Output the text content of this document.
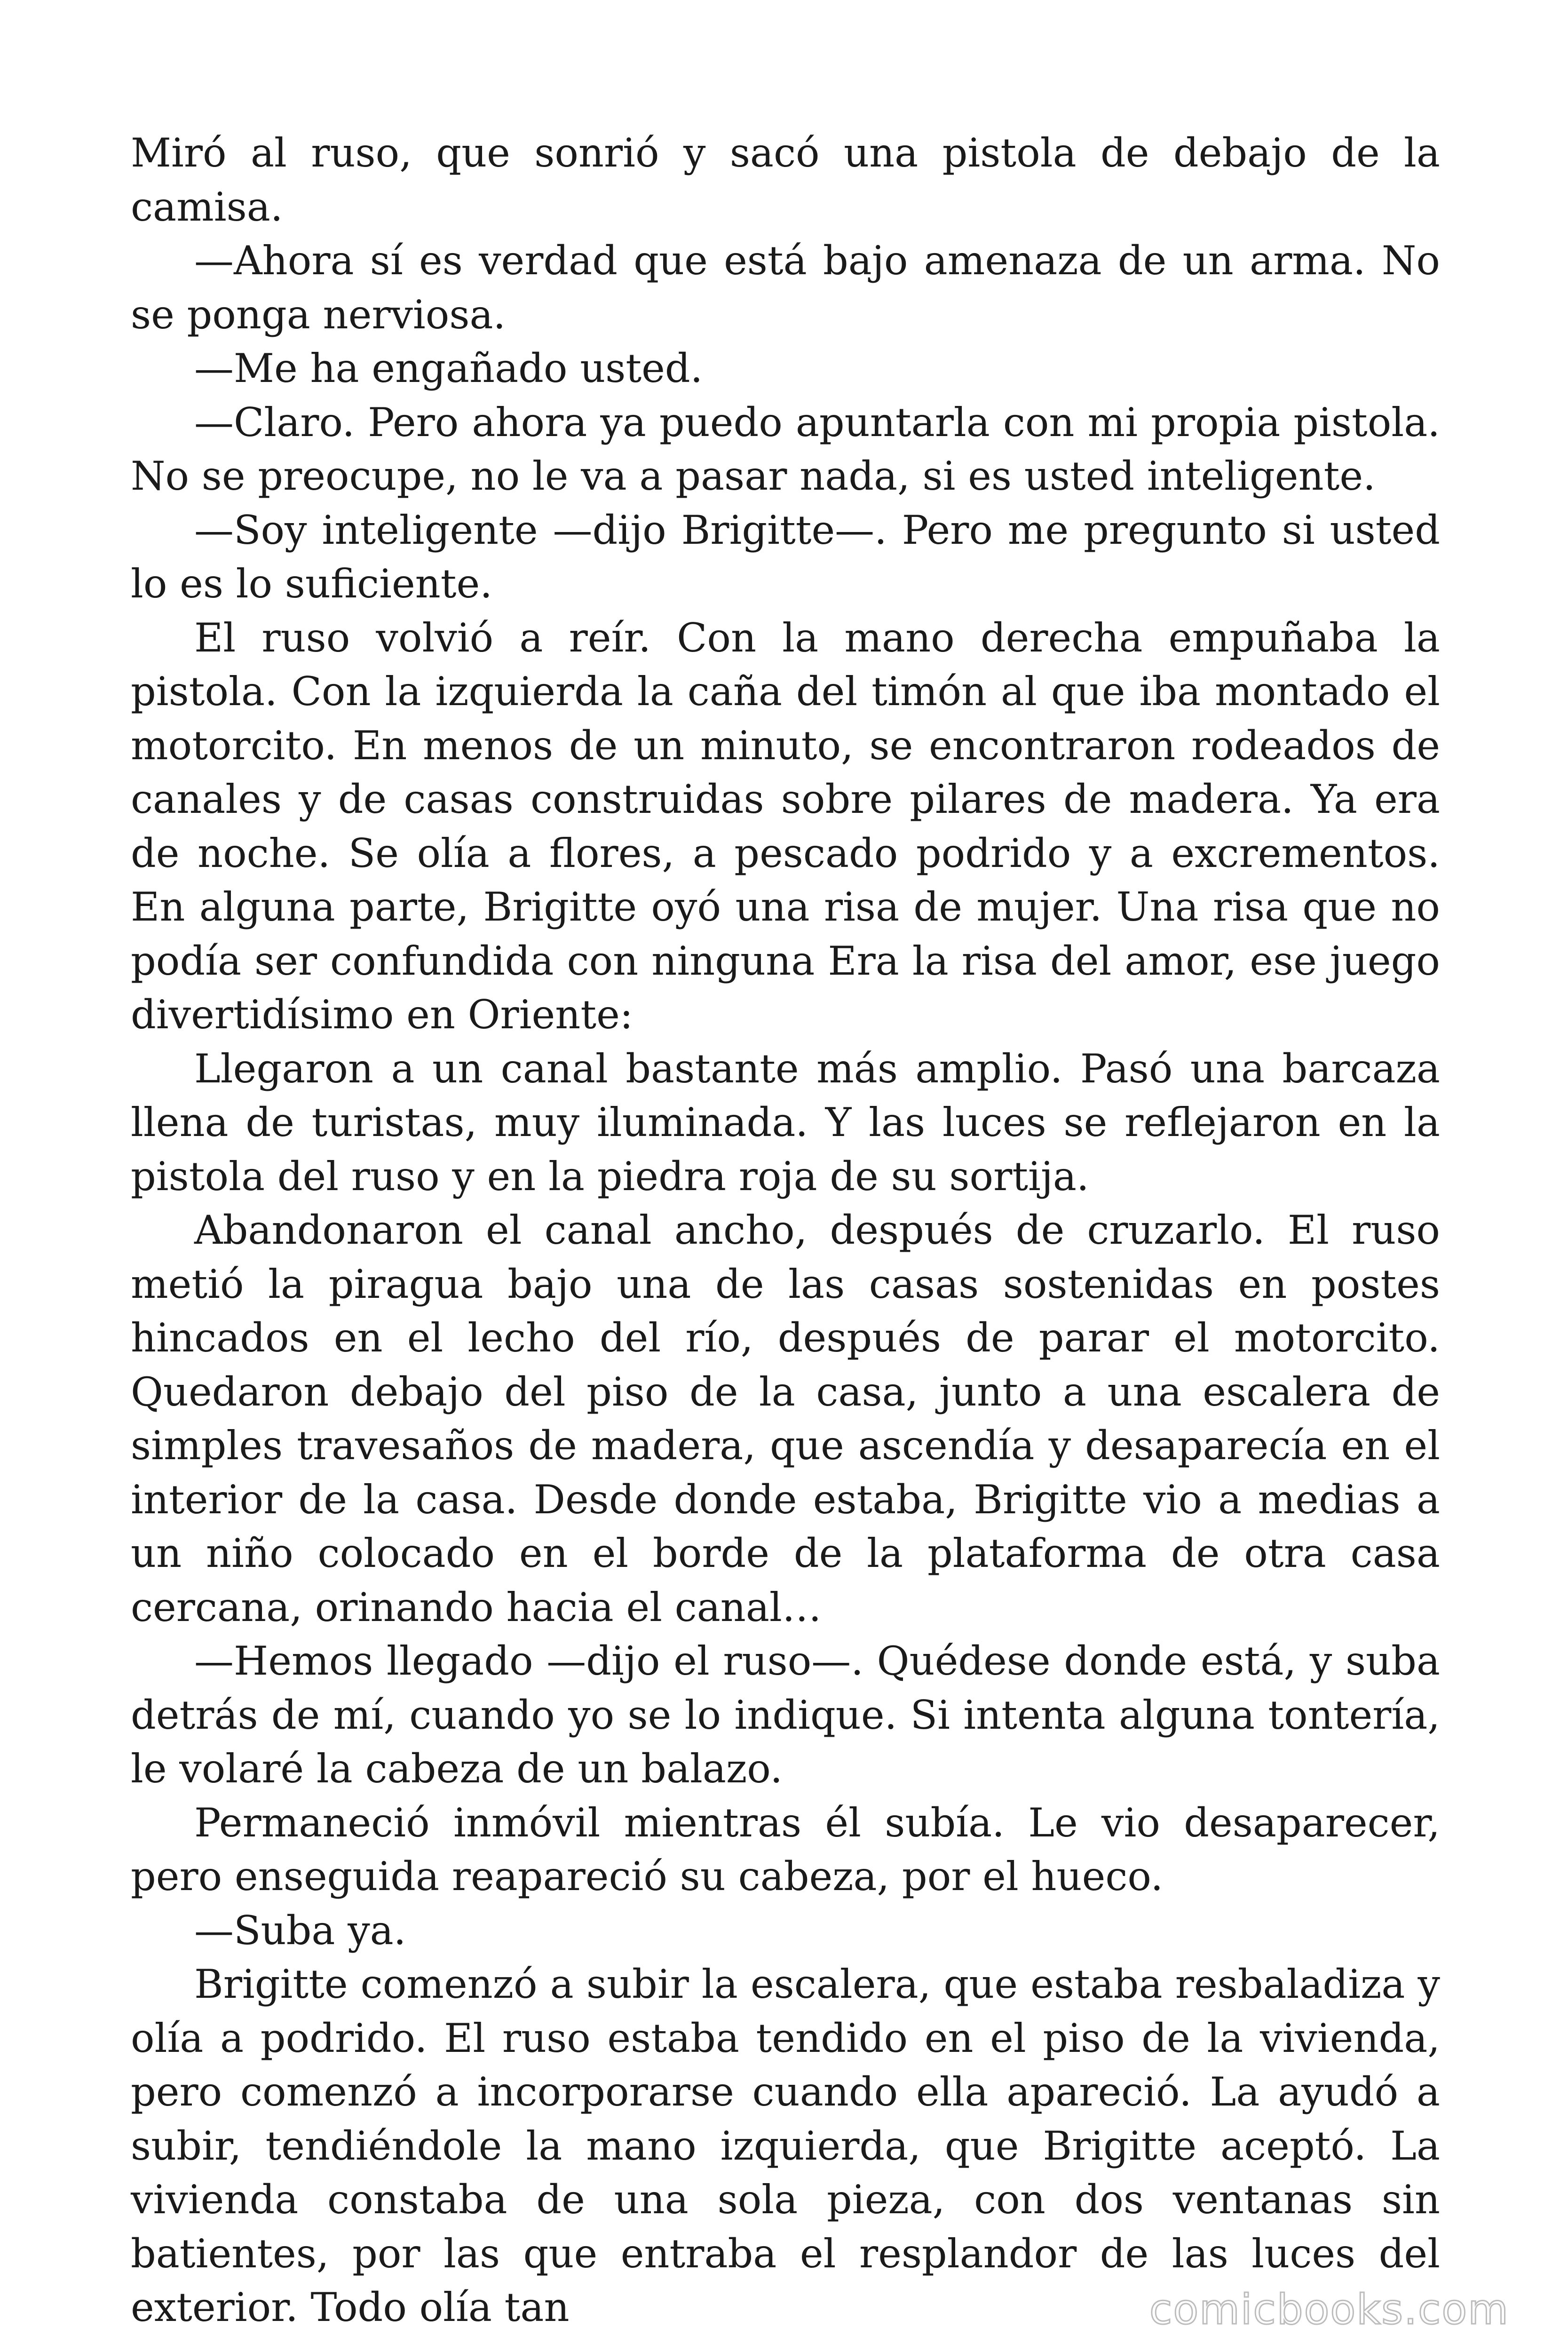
Miró al ruso, que sonrió y sacó una pistola de debajo de la camisa.

—Ahora sí es verdad que está bajo amenaza de un arma. No se ponga nerviosa.

—Me ha engañado usted.

—Claro. Pero ahora ya puedo apuntarla con mi propia pistola. No se preocupe, no le va a pasar nada, si es usted inteligente.

—Soy inteligente —dijo Brigitte—. Pero me pregunto si usted lo es lo suficiente.

El ruso volvió a reír. Con la mano derecha empuñaba la pistola. Con la izquierda la caña del timón al que iba montado el motorcito. En menos de un minuto, se encontraron rodeados de canales y de casas construidas sobre pilares de madera. Ya era de noche. Se olía a flores, a pescado podrido y a excrementos. En alguna parte, Brigitte oyó una risa de mujer. Una risa que no podía ser confundida con ninguna Era la risa del amor, ese juego divertidísimo en Oriente:

Llegaron a un canal bastante más amplio. Pasó una barcaza llena de turistas, muy iluminada. Y las luces se reflejaron en la pistola del ruso y en la piedra roja de su sortija.

Abandonaron el canal ancho, después de cruzarlo. El ruso metió la piragua bajo una de las casas sostenidas en postes hincados en el lecho del río, después de parar el motorcito. Quedaron debajo del piso de la casa, junto a una escalera de simples travesaños de madera, que ascendía y desaparecía en el interior de la casa. Desde donde estaba, Brigitte vio a medias a un niño colocado en el borde de la plataforma de otra casa cercana, orinando hacia el canal…

—Hemos llegado —dijo el ruso—. Quédese donde está, y suba detrás de mí, cuando yo se lo indique. Si intenta alguna tontería, le volaré la cabeza de un balazo.

Permaneció inmóvil mientras él subía. Le vio desaparecer, pero enseguida reapareció su cabeza, por el hueco.

—Suba ya.

Brigitte comenzó a subir la escalera, que estaba resbaladiza y olía a podrido. El ruso estaba tendido en el piso de la vivienda, pero comenzó a incorporarse cuando ella apareció. La ayudó a subir, tendiéndole la mano izquierda, que Brigitte aceptó. La vivienda constaba de una sola pieza, con dos ventanas sin batientes, por las que entraba el resplandor de las luces del exterior. Todo olía tan	comicbooks.com
